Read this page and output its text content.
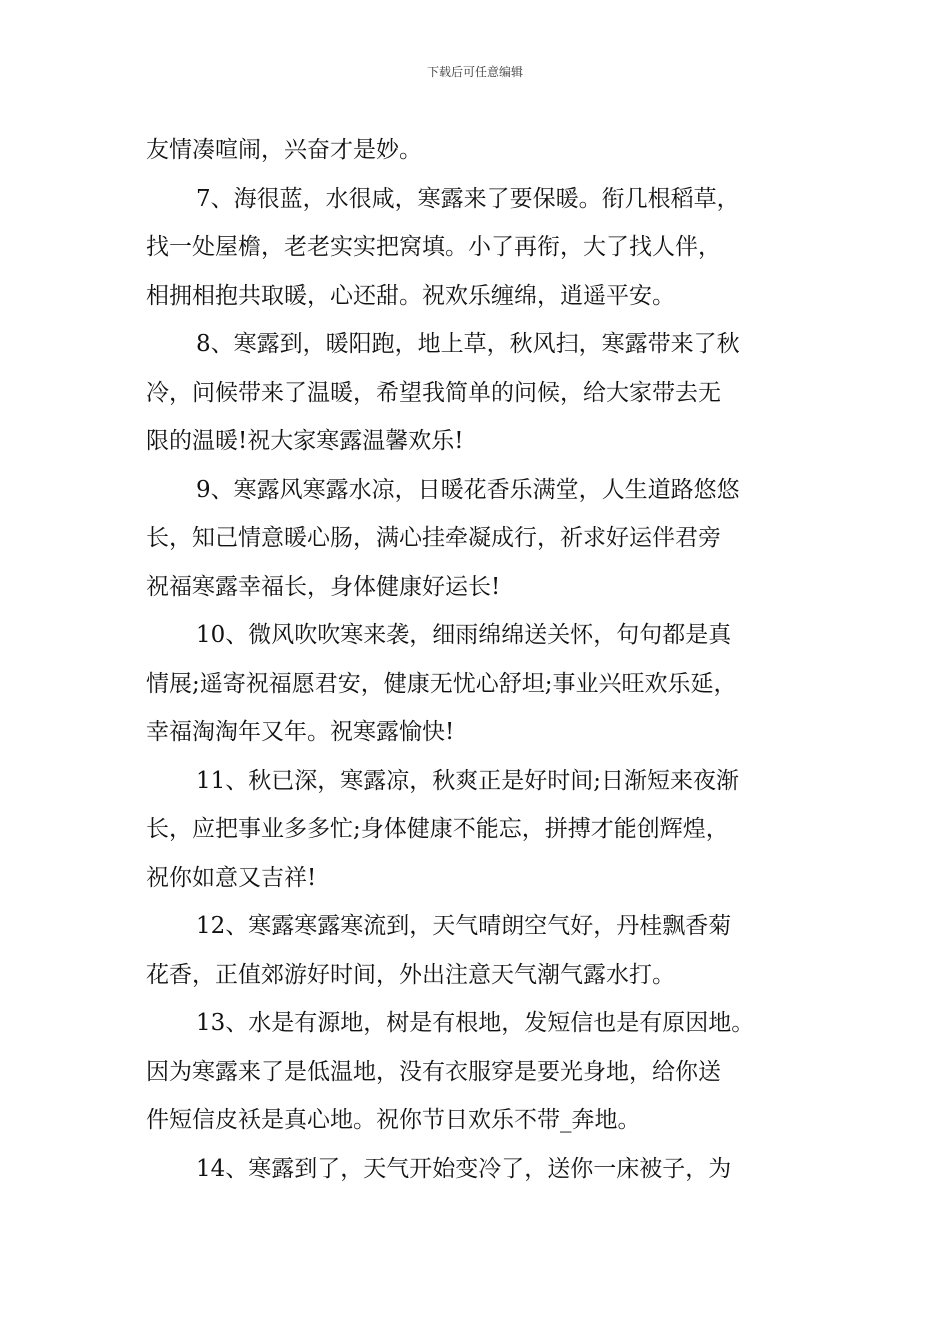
下载后可任意编辑
友情凑喧闹，兴奋才是妙。
7、海很蓝，水很咸，寒露来了要保暖。衔几根稻草，
找一处屋檐，老老实实把窝填。小了再衔，大了找人伴，
相拥相抱共取暖，心还甜。祝欢乐缠绵，逍遥平安。
8、寒露到，暖阳跑，地上草，秋风扫，寒露带来了秋
冷，问候带来了温暖，希望我简单的问候，给大家带去无
限的温暖!祝大家寒露温馨欢乐!
9、寒露风寒露水凉，日暖花香乐满堂，人生道路悠悠
长，知己情意暖心肠，满心挂牵凝成行，祈求好运伴君旁
祝福寒露幸福长，身体健康好运长!
10、微风吹吹寒来袭，细雨绵绵送关怀，句句都是真
情展;遥寄祝福愿君安，健康无忧心舒坦;事业兴旺欢乐延，
幸福淘淘年又年。祝寒露愉快!
11、秋已深，寒露凉，秋爽正是好时间;日渐短来夜渐
长，应把事业多多忙;身体健康不能忘，拼搏才能创辉煌，
祝你如意又吉祥!
12、寒露寒露寒流到，天气晴朗空气好，丹桂飘香菊
花香，正值郊游好时间，外出注意天气潮气露水打。
13、水是有源地，树是有根地，发短信也是有原因地。
因为寒露来了是低温地，没有衣服穿是要光身地，给你送
件短信皮袄是真心地。祝你节日欢乐不带_奔地。
14、寒露到了，天气开始变冷了，送你一床被子，为
